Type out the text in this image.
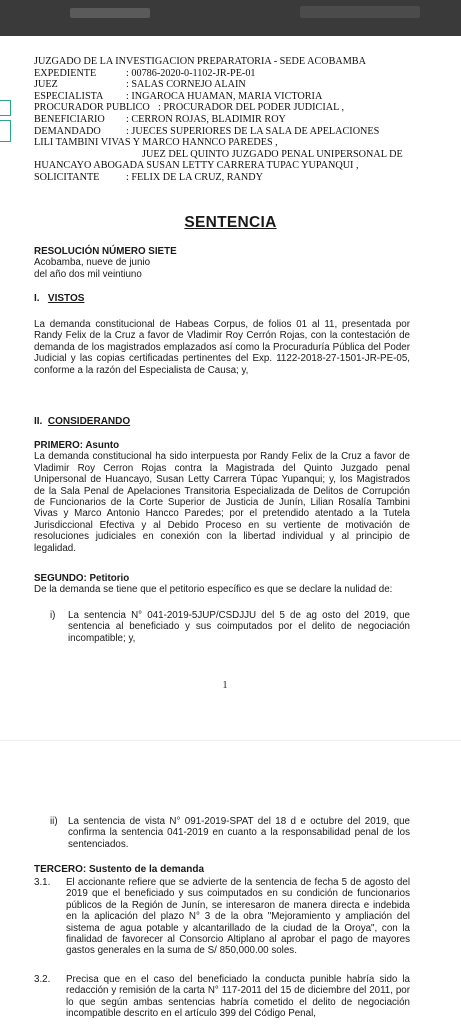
JUZGADO DE LA INVESTIGACION PREPARATORIA - SEDE ACOBAMBA
EXPEDIENTE	: 00786-2020-0-1102-JR-PE-01
JUEZ	: SALAS CORNEJO ALAIN
ESPECIALISTA	: INGAROCA HUAMAN, MARIA VICTORIA
PROCURADOR PUBLICO : PROCURADOR DEL PODER JUDICIAL ,
BENEFICIARIO	: CERRON ROJAS, BLADIMIR ROY
DEMANDADO	: JUECES SUPERIORES DE LA SALA DE APELACIONES
LILI TAMBINI VIVAS Y MARCO HANNCO PAREDES ,
JUEZ DEL QUINTO JUZGADO PENAL UNIPERSONAL DE
HUANCAYO ABOGADA SUSAN LETTY CARRERA TUPAC YUPANQUI ,
SOLICITANTE	: FELIX DE LA CRUZ, RANDY
SENTENCIA
RESOLUCIÓN NÚMERO SIETE
Acobamba, nueve de junio
del año dos mil veintiuno
I. VISTOS
La demanda constitucional de Habeas Corpus, de folios 01 al 11, presentada por Randy Felix de la Cruz a favor de Vladimir Roy Cerrón Rojas, con la contestación de demanda de los magistrados emplazados así como la Procuraduría Pública del Poder Judicial y las copias certificadas pertinentes del Exp. 1122-2018-27-1501-JR-PE-05, conforme a la razón del Especialista de Causa; y,
II. CONSIDERANDO
PRIMERO: Asunto
La demanda constitucional ha sido interpuesta por Randy Felix de la Cruz a favor de Vladimir Roy Cerron Rojas contra la Magistrada del Quinto Juzgado penal Unipersonal de Huancayo, Susan Letty Carrera Túpac Yupanqui; y, los Magistrados de la Sala Penal de Apelaciones Transitoria Especializada de Delitos de Corrupción de Funcionarios de la Corte Superior de Justicia de Junín, Lilian Rosalía Tambini Vivas y Marco Antonio Hancco Paredes; por el pretendido atentado a la Tutela Jurisdiccional Efectiva y al Debido Proceso en su vertiente de motivación de resoluciones judiciales en conexión con la libertad individual y al principio de legalidad.
SEGUNDO: Petitorio
De la demanda se tiene que el petitorio específico es que se declare la nulidad de:
i)	La sentencia N° 041-2019-5JUP/CSDJJU del 5 de ag osto del 2019, que sentencia al beneficiado y sus coimputados por el delito de negociación incompatible; y,
1
ii)	La sentencia de vista N° 091-2019-SPAT del 18 d e octubre del 2019, que confirma la sentencia 041-2019 en cuanto a la responsabilidad penal de los sentenciados.
TERCERO: Sustento de la demanda
3.1.	El accionante refiere que se advierte de la sentencia de fecha 5 de agosto del 2019 que el beneficiado y sus coimputados en su condición de funcionarios públicos de la Región de Junín, se interesaron de manera directa e indebida en la aplicación del plazo N° 3 de la obra "Mejoramiento y ampliación del sistema de agua potable y alcantarillado de la ciudad de la Oroya", con la finalidad de favorecer al Consorcio Altiplano al aprobar el pago de mayores gastos generales en la suma de S/ 850,000.00 soles.
3.2.	Precisa que en el caso del beneficiado la conducta punible habría sido la redacción y remisión de la carta N° 117-2011 del 15 de diciembre del 2011, por lo que según ambas sentencias habría cometido el delito de negociación incompatible descrito en el artículo 399 del Código Penal,
